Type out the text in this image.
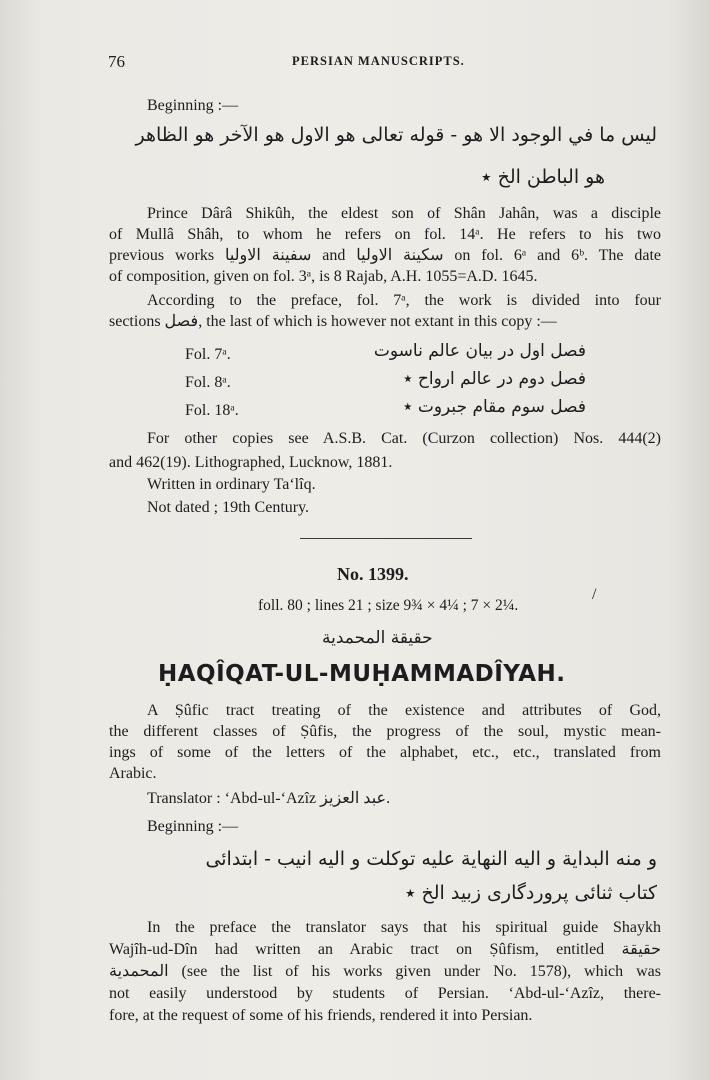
76	PERSIAN MANUSCRIPTS.
Beginning :—
ليس ما في الوجود الا هو - قوله تعالى هو الاول هو الآخر هو الظاهر
هو الباطن الخ ٭
Prince Dârâ Shikûh, the eldest son of Shân Jahân, was a disciple
of Mullâ Shâh, to whom he refers on fol. 14ᵃ. He refers to his two
previous works سفينة الاوليا and سكينة الاوليا on fol. 6ᵃ and 6ᵇ. The date
of composition, given on fol. 3ᵃ, is 8 Rajab, A.H. 1055=A.D. 1645.
According to the preface, fol. 7ᵃ, the work is divided into four
sections فصل, the last of which is however not extant in this copy :—
Fol. 7ᵃ.	فصل اول در بيان عالم ناسوت
Fol. 8ᵃ.	فصل دوم در عالم ارواح ٭
Fol. 18ᵃ.	فصل سوم مقام جبروت ٭
For other copies see A.S.B. Cat. (Curzon collection) Nos. 444(2)
and 462(19). Lithographed, Lucknow, 1881.
Written in ordinary Ta‘lîq.
Not dated ; 19th Century.
No. 1399.
/
foll. 80 ; lines 21 ; size 9¾ × 4¼ ; 7 × 2¼.
حقيقة المحمدية
ḤAQÎQAT-UL-MUḤAMMADÎYAH.
A Ṣûfic tract treating of the existence and attributes of God,
the different classes of Ṣûfis, the progress of the soul, mystic mean-
ings of some of the letters of the alphabet, etc., etc., translated from
Arabic.
Translator : ‘Abd-ul-‘Azîz عبد العزيز.
Beginning :—
و منه البداية و اليه النهاية عليه توكلت و اليه انيب - ابتدائى
كتاب ثنائى پروردگارى زبيد الخ ٭
In the preface the translator says that his spiritual guide Shaykh
Wajîh-ud-Dîn had written an Arabic tract on Ṣûfism, entitled حقيقة
المحمدية (see the list of his works given under No. 1578), which was
not easily understood by students of Persian. ‘Abd-ul-‘Azîz, there-
fore, at the request of some of his friends, rendered it into Persian.
